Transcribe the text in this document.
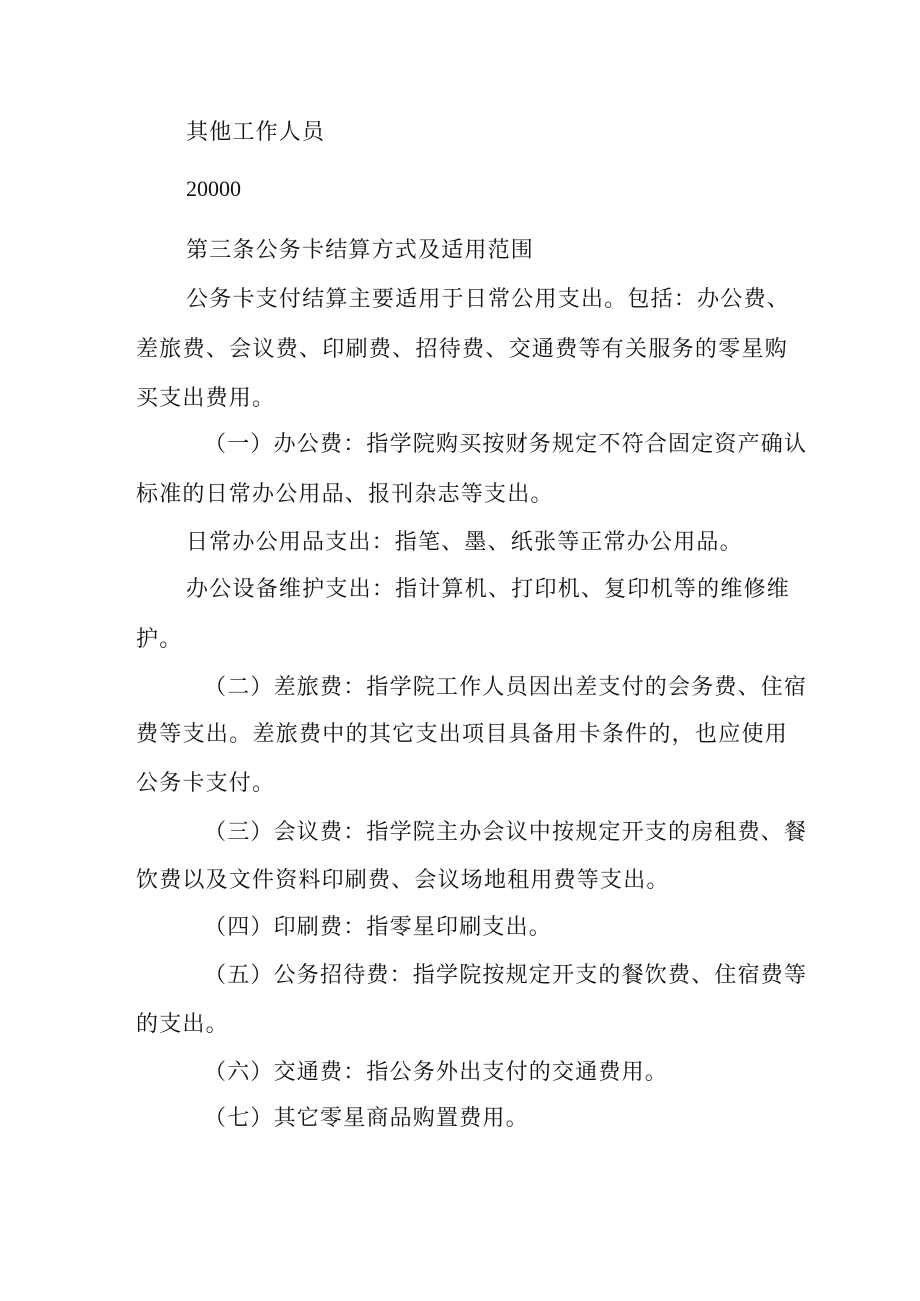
其他工作人员
20000
第三条公务卡结算方式及适用范围
公务卡支付结算主要适用于日常公用支出。包括：办公费、
差旅费、会议费、印刷费、招待费、交通费等有关服务的零星购
买支出费用。
（一）办公费：指学院购买按财务规定不符合固定资产确认
标准的日常办公用品、报刊杂志等支出。
日常办公用品支出：指笔、墨、纸张等正常办公用品。
办公设备维护支出：指计算机、打印机、复印机等的维修维
护。
（二）差旅费：指学院工作人员因出差支付的会务费、住宿
费等支出。差旅费中的其它支出项目具备用卡条件的，也应使用
公务卡支付。
（三）会议费：指学院主办会议中按规定开支的房租费、餐
饮费以及文件资料印刷费、会议场地租用费等支出。
（四）印刷费：指零星印刷支出。
（五）公务招待费：指学院按规定开支的餐饮费、住宿费等
的支出。
（六）交通费：指公务外出支付的交通费用。
（七）其它零星商品购置费用。
